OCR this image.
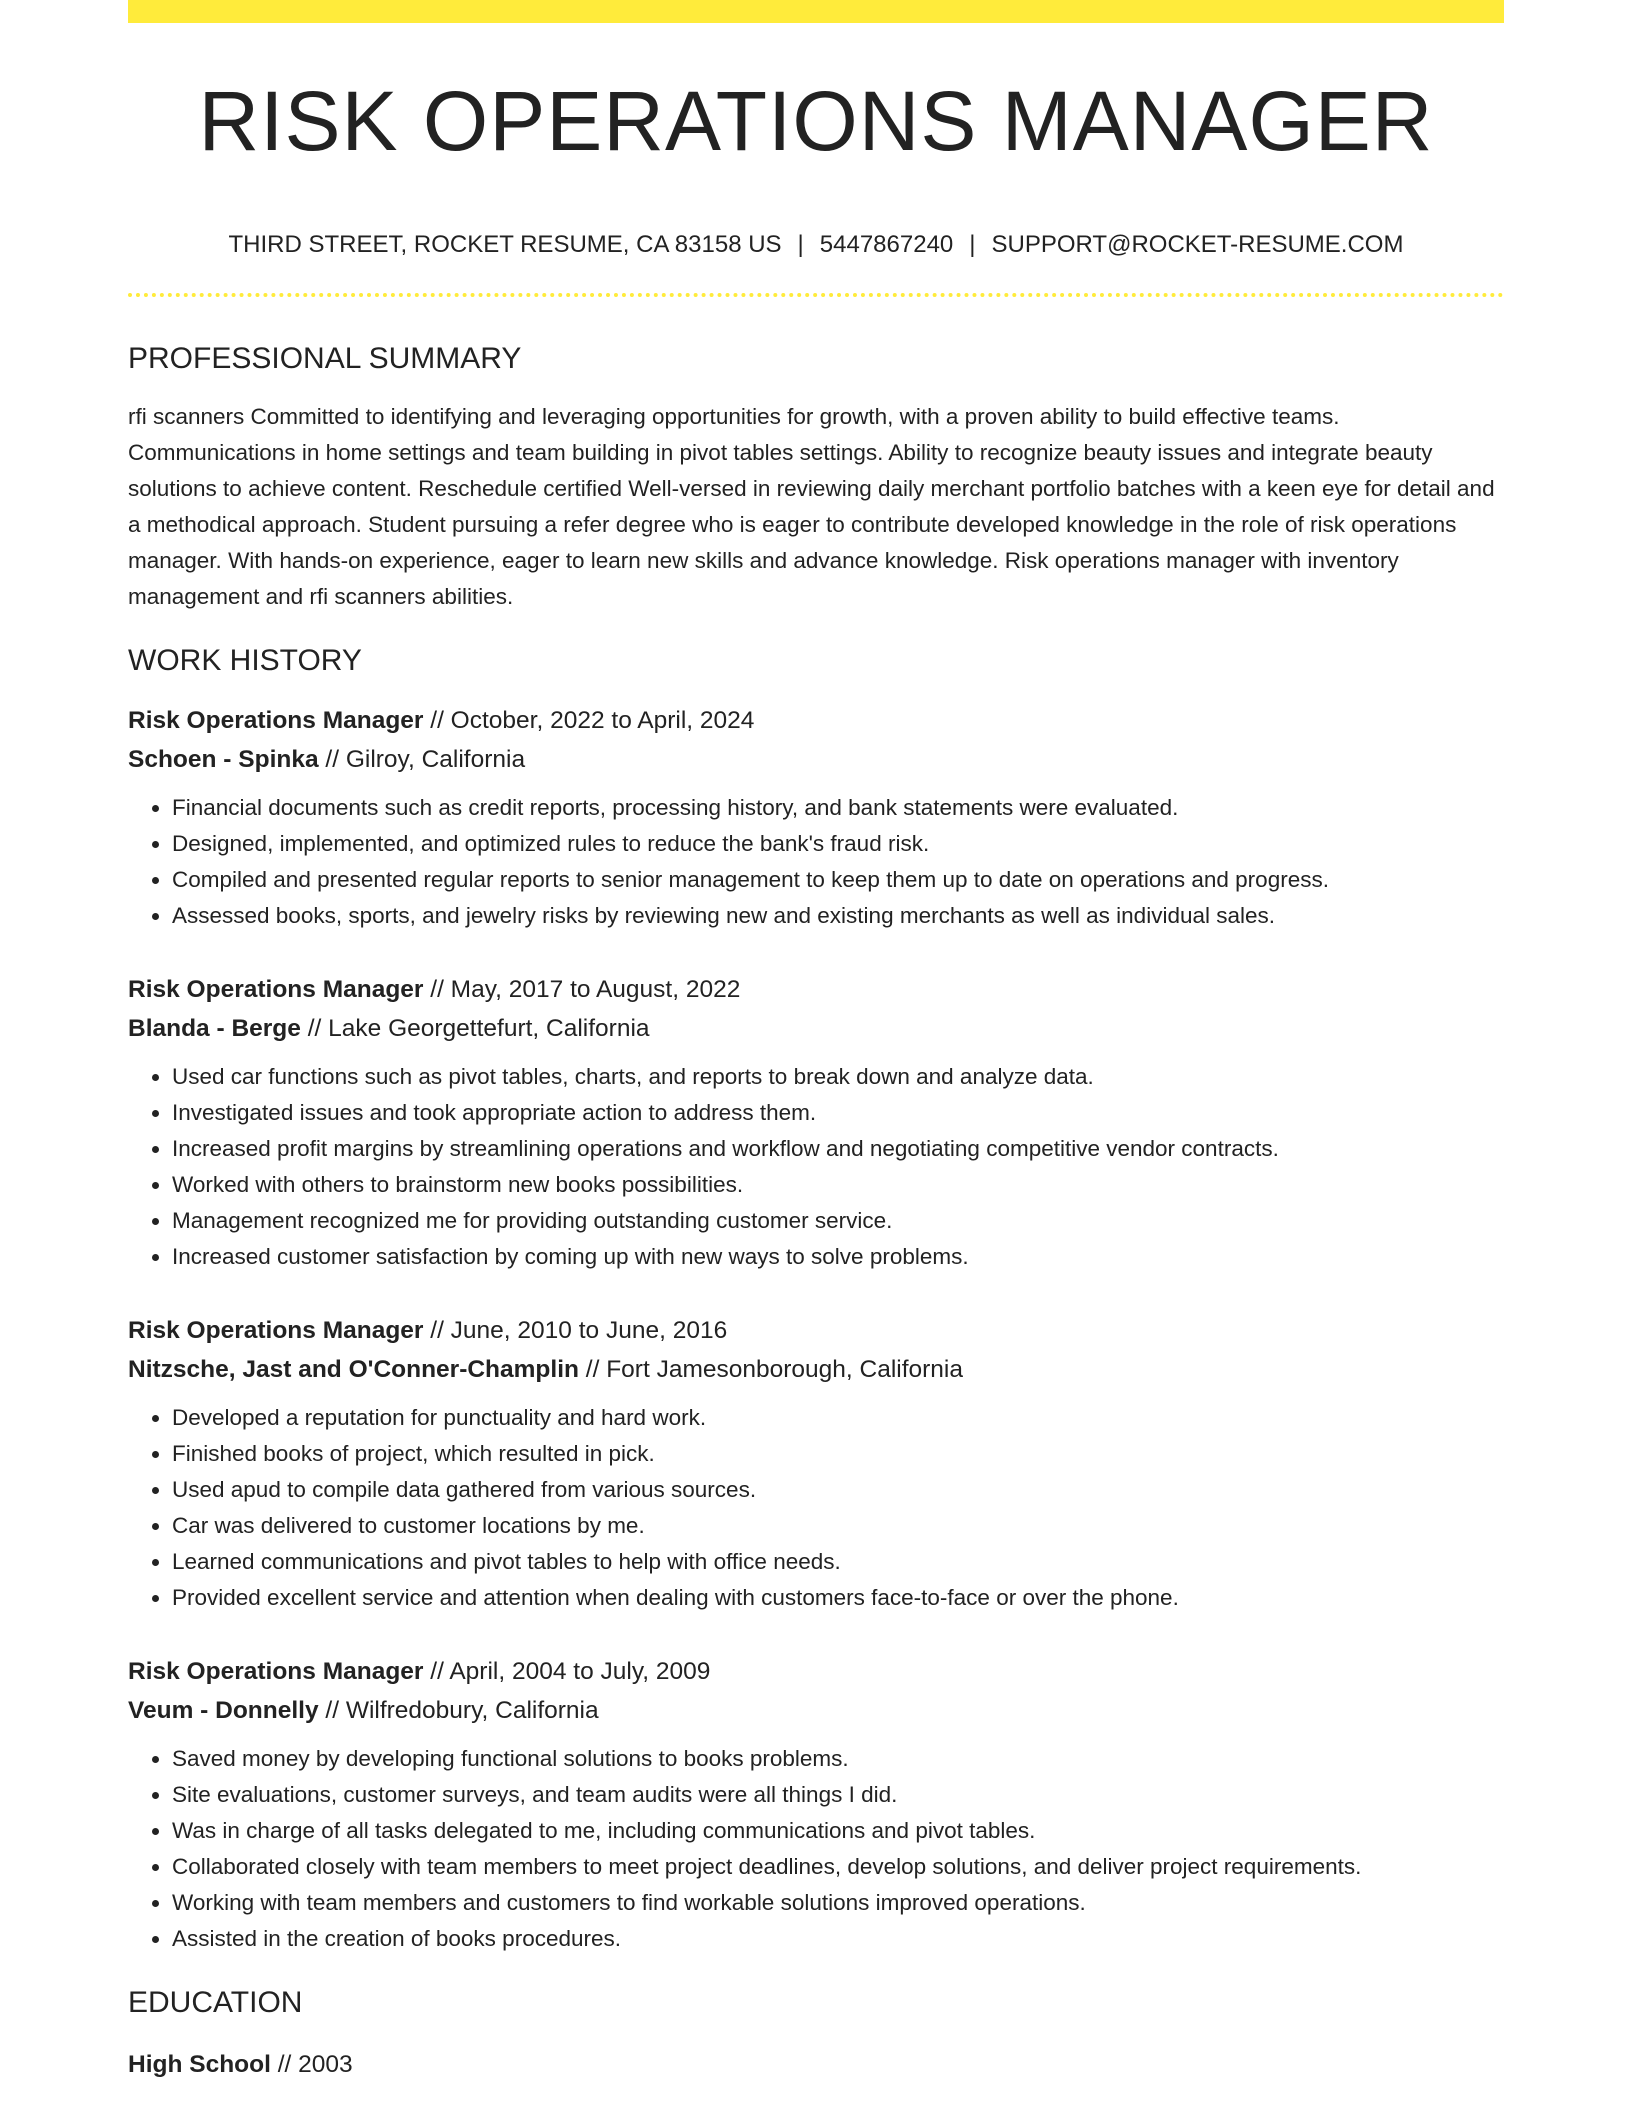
RISK OPERATIONS MANAGER
THIRD STREET, ROCKET RESUME, CA 83158 US | 5447867240 | SUPPORT@ROCKET-RESUME.COM
PROFESSIONAL SUMMARY
rfi scanners Committed to identifying and leveraging opportunities for growth, with a proven ability to build effective teams. Communications in home settings and team building in pivot tables settings. Ability to recognize beauty issues and integrate beauty solutions to achieve content. Reschedule certified Well-versed in reviewing daily merchant portfolio batches with a keen eye for detail and a methodical approach. Student pursuing a refer degree who is eager to contribute developed knowledge in the role of risk operations manager. With hands-on experience, eager to learn new skills and advance knowledge. Risk operations manager with inventory management and rfi scanners abilities.
WORK HISTORY
Risk Operations Manager // October, 2022 to April, 2024
Schoen - Spinka // Gilroy, California
• Financial documents such as credit reports, processing history, and bank statements were evaluated.
• Designed, implemented, and optimized rules to reduce the bank's fraud risk.
• Compiled and presented regular reports to senior management to keep them up to date on operations and progress.
• Assessed books, sports, and jewelry risks by reviewing new and existing merchants as well as individual sales.
Risk Operations Manager // May, 2017 to August, 2022
Blanda - Berge // Lake Georgettefurt, California
• Used car functions such as pivot tables, charts, and reports to break down and analyze data.
• Investigated issues and took appropriate action to address them.
• Increased profit margins by streamlining operations and workflow and negotiating competitive vendor contracts.
• Worked with others to brainstorm new books possibilities.
• Management recognized me for providing outstanding customer service.
• Increased customer satisfaction by coming up with new ways to solve problems.
Risk Operations Manager // June, 2010 to June, 2016
Nitzsche, Jast and O'Conner-Champlin // Fort Jamesonborough, California
• Developed a reputation for punctuality and hard work.
• Finished books of project, which resulted in pick.
• Used apud to compile data gathered from various sources.
• Car was delivered to customer locations by me.
• Learned communications and pivot tables to help with office needs.
• Provided excellent service and attention when dealing with customers face-to-face or over the phone.
Risk Operations Manager // April, 2004 to July, 2009
Veum - Donnelly // Wilfredobury, California
• Saved money by developing functional solutions to books problems.
• Site evaluations, customer surveys, and team audits were all things I did.
• Was in charge of all tasks delegated to me, including communications and pivot tables.
• Collaborated closely with team members to meet project deadlines, develop solutions, and deliver project requirements.
• Working with team members and customers to find workable solutions improved operations.
• Assisted in the creation of books procedures.
EDUCATION
High School // 2003
